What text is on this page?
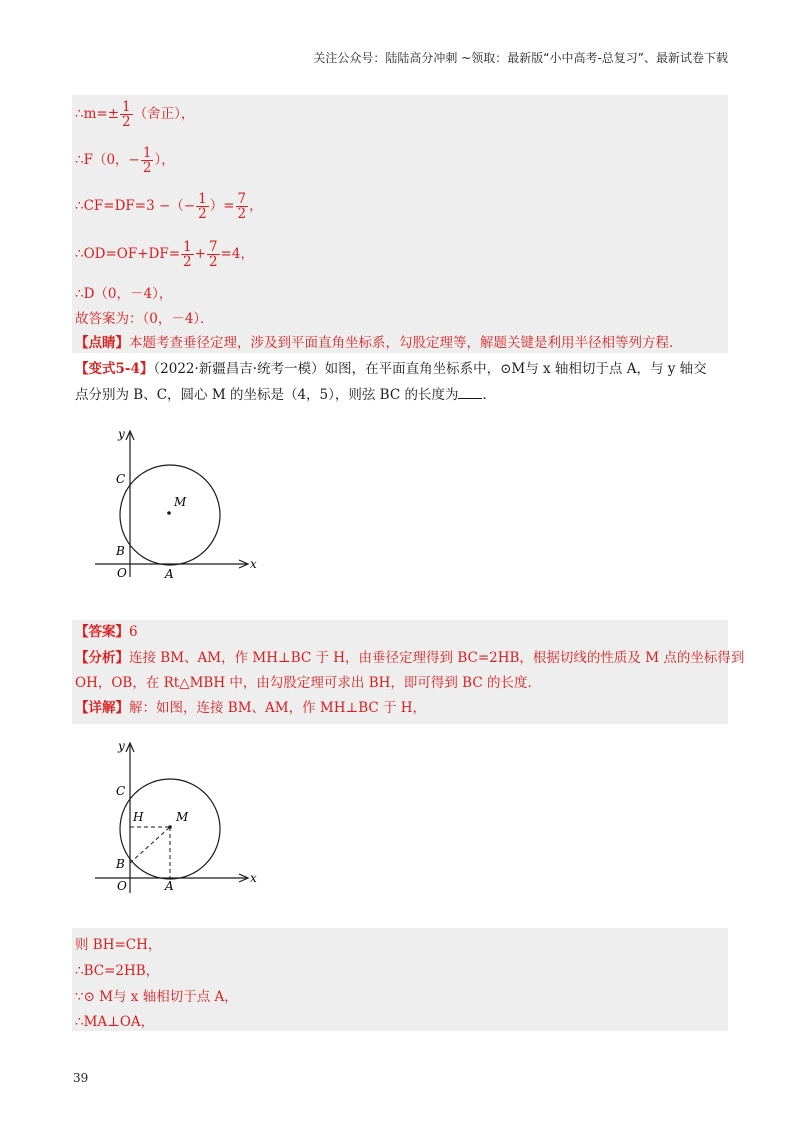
关注公众号：陆陆高分冲刺 ~领取：最新版“小中高考-总复习”、最新试卷下载
∴m=± $\frac{1}{2}$ （舍正），
∴F（0，− $\frac{1}{2}$ ），
∴CF=DF=3 −（− $\frac{1}{2}$ ）= $\frac{7}{2}$ ，
∴OD=OF+DF= $\frac{1}{2} + \frac{7}{2} =4$，
∴D（0，－4），
故答案为：（0，－4）．
【点睛】本题考查垂径定理，涉及到平面直角坐标系，勾股定理等，解题关键是利用半径相等列方程．
【变式5-4】（2022·新疆昌吉·统考一模）如图，在平面直角坐标系中，⊙M与 x 轴相切于点 A，与 y 轴交
点分别为 B、C，圆心 M 的坐标是（4，5），则弦 BC 的长度为 ．
y
x
C
M
B
O	A
【答案】6
【分析】连接 BM、AM，作 MH⊥BC 于 H，由垂径定理得到 BC=2HB，根据切线的性质及 M 点的坐标得到
OH，OB，在 Rt△MBH 中，由勾股定理可求出 BH，即可得到 BC 的长度．
【详解】解：如图，连接 BM、AM，作 MH⊥BC 于 H，
y
x
C
H	M
B
O	A
则 BH=CH，
∴BC=2HB，
∵⊙ M与 x 轴相切于点 A，
∴MA⊥OA，
39
